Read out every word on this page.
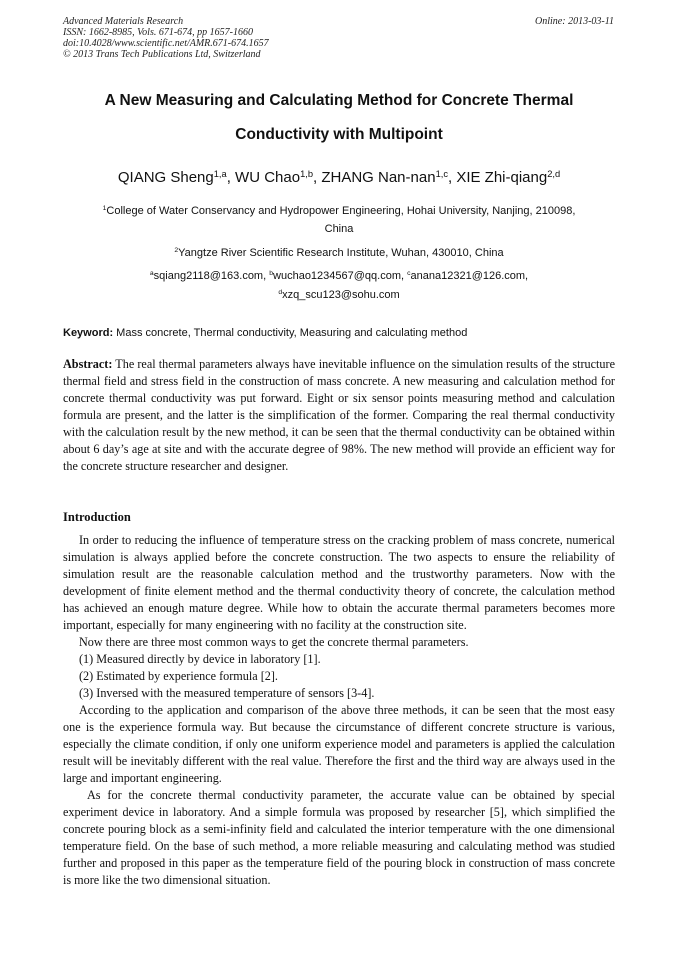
Advanced Materials Research
ISSN: 1662-8985, Vols. 671-674, pp 1657-1660
doi:10.4028/www.scientific.net/AMR.671-674.1657
© 2013 Trans Tech Publications Ltd, Switzerland
Online: 2013-03-11
A New Measuring and Calculating Method for Concrete Thermal
Conductivity with Multipoint
QIANG Sheng$^{1,a}$, WU Chao$^{1,b}$, ZHANG Nan-nan$^{1,c}$, XIE Zhi-qiang$^{2,d}$
$^1$College of Water Conservancy and Hydropower Engineering, Hohai University, Nanjing, 210098,
China
$^2$Yangtze River Scientific Research Institute, Wuhan, 430010, China
$^a$sqiang2118@163.com, $^b$wuchao1234567@qq.com, $^c$anana12321@126.com,
$^d$xzq_scu123@sohu.com
Keyword: Mass concrete, Thermal conductivity, Measuring and calculating method
Abstract: The real thermal parameters always have inevitable influence on the simulation results of the structure thermal field and stress field in the construction of mass concrete. A new measuring and calculation method for concrete thermal conductivity was put forward. Eight or six sensor points measuring method and calculation formula are present, and the latter is the simplification of the former. Comparing the real thermal conductivity with the calculation result by the new method, it can be seen that the thermal conductivity can be obtained within about 6 day’s age at site and with the accurate degree of 98%. The new method will provide an efficient way for the concrete structure researcher and designer.
Introduction

In order to reducing the influence of temperature stress on the cracking problem of mass concrete, numerical simulation is always applied before the concrete construction. The two aspects to ensure the reliability of simulation result are the reasonable calculation method and the trustworthy parameters. Now with the development of finite element method and the thermal conductivity theory of concrete, the calculation method has achieved an enough mature degree. While how to obtain the accurate thermal parameters becomes more important, especially for many engineering with no facility at the construction site.

Now there are three most common ways to get the concrete thermal parameters.

(1) Measured directly by device in laboratory [1].

(2) Estimated by experience formula [2].

(3) Inversed with the measured temperature of sensors [3-4].

According to the application and comparison of the above three methods, it can be seen that the most easy one is the experience formula way. But because the circumstance of different concrete structure is various, especially the climate condition, if only one uniform experience model and parameters is applied the calculation result will be inevitably different with the real value. Therefore the first and the third way are always used in the large and important engineering.

As for the concrete thermal conductivity parameter, the accurate value can be obtained by special experiment device in laboratory. And a simple formula was proposed by researcher [5], which simplified the concrete pouring block as a semi-infinity field and calculated the interior temperature with the one dimensional temperature field. On the base of such method, a more reliable measuring and calculating method was studied further and proposed in this paper as the temperature field of the pouring block in construction of mass concrete is more like the two dimensional situation.
